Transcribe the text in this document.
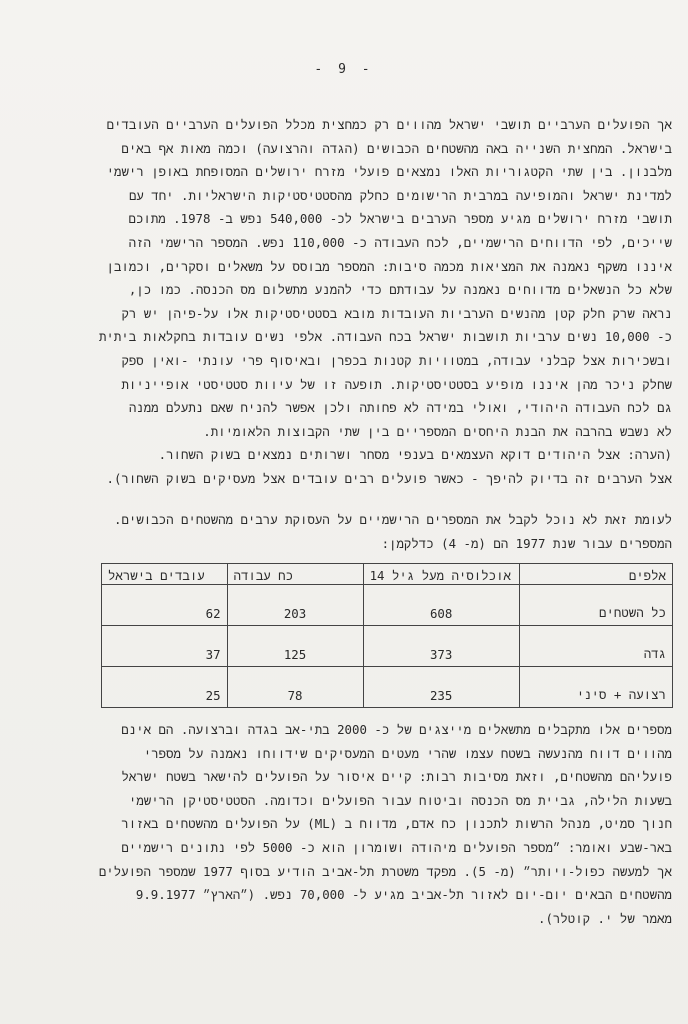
- 9 -
אך הפועלים הערביים תושבי ישראל מהווים רק כמחצית מכלל הפועלים הערביים העובדים
בישראל. המחצית השנייה באה מהשטחים הכבושים (הגדה והרצועה) וכמה מאות אף באים
מלבנון. בין שתי הקטגוריות האלו נמצאים פועלי מזרח ירושלים המסופחת באופן רישמי
למדינת ישראל והמופיעה במרבית הרישומים כחלק מהסטטיסטיקות הישראליות. יחד עם
תושבי מזרח ירושלים מגיע מספר הערבים בישראל לכ- 540,000 נפש ב- 1978. מתוכם
שייכים, לפי הדווחים הרישמיים, לכח העבודה כ- 110,000 נפש. המספר הרישמי הזה
איננו משקף נאמנה את המציאות מכמה סיבות: המספר מבוסס על משאלים וסקרים, וכמובן
שלא כל הנשאלים מדווחים נאמנה על עבודתם כדי להמנע מתשלום מס הכנסה. כמו כן,
נראה שרק חלק קטן מהנשים הערביות העובדות מובא בסטטיסטיקות אלו על-פיהן יש רק
כ- 10,000 נשים ערביות תושבות ישראל בכח העבודה. אלפי נשים עובדות בחקלאות ביתית
ובשכירות אצל קבלני עבודה, במטוויות קטנות בכפרן ובאיסוף פרי עונתי -ואין ספק
שחלק ניכר מהן איננו מופיע בסטטיסטיקות. תופעה זו של עיוות סטטיסטי אופייניות
גם לכח העבודה היהודי, ואולי במידה לא פחותה ולכן אפשר להניח שאם נתעלם ממנה
לא נשבש בהרבה את הבנת היחסים המספריים בין שתי הקבוצות הלאומיות.
(הערה: אצל היהודים דוקא העצמאים בענפי מסחר ושרותים נמצאים בשוק השחור.
אצל הערבים זה בדיוק להיפך - כאשר פועלים רבים עובדים אצל מעסיקים בשוק השחור).
לעומת זאת לא נוכל לקבל את המספרים הרישמיים על העסוקת ערבים מהשטחים הכבושים.
המספרים עבור שנת 1977 הם (מ- 4) כדלקמן:
אלפים	אוכלוסיה מעל גיל 14	כח עבודה	עובדים בישראל
כל השטחים	608	203	62
גדה	373	125	37
רצועה + סיני	235	78	25
מספרים אלו מתקבלים מתשאלים מייצגים של כ- 2000 בתי-אב בגדה וברצועה. הם אינם
מהווים דווח מהנעשה בשטח עצמו שהרי מעטים המעסיקים שידווחו נאמנה על מספרי
פועליהם מהשטחים, וזאת מסיבות רבות: קיים איסור על הפועלים להישאר בשטח ישראל
בשעות הלילה, גביית מס הכנסה וביטוח עבור הפועלים וכדומה. הסטטיסטיקן הרישמי
חנוך סמיט, מנהל הרשות לתכנון כח אדם, מדווח ב (ML) על הפועלים מהשטחים באזור
באר-שבע ואומר: ״מספר הפועלים מיהודה ושומרון הוא כ- 5000 לפי נתונים רישמיים
אך למעשה כפול-ויותר״ (מ- 5). מפקד משטרת תל-אביב הודיע בסוף 1977 שמספר הפועלים
מהשטחים הבאים יום-יום לאזור תל-אביב מגיע ל- 70,000 נפש. (״הארץ״ 9.9.1977
מאמר של י. קוטלר).
